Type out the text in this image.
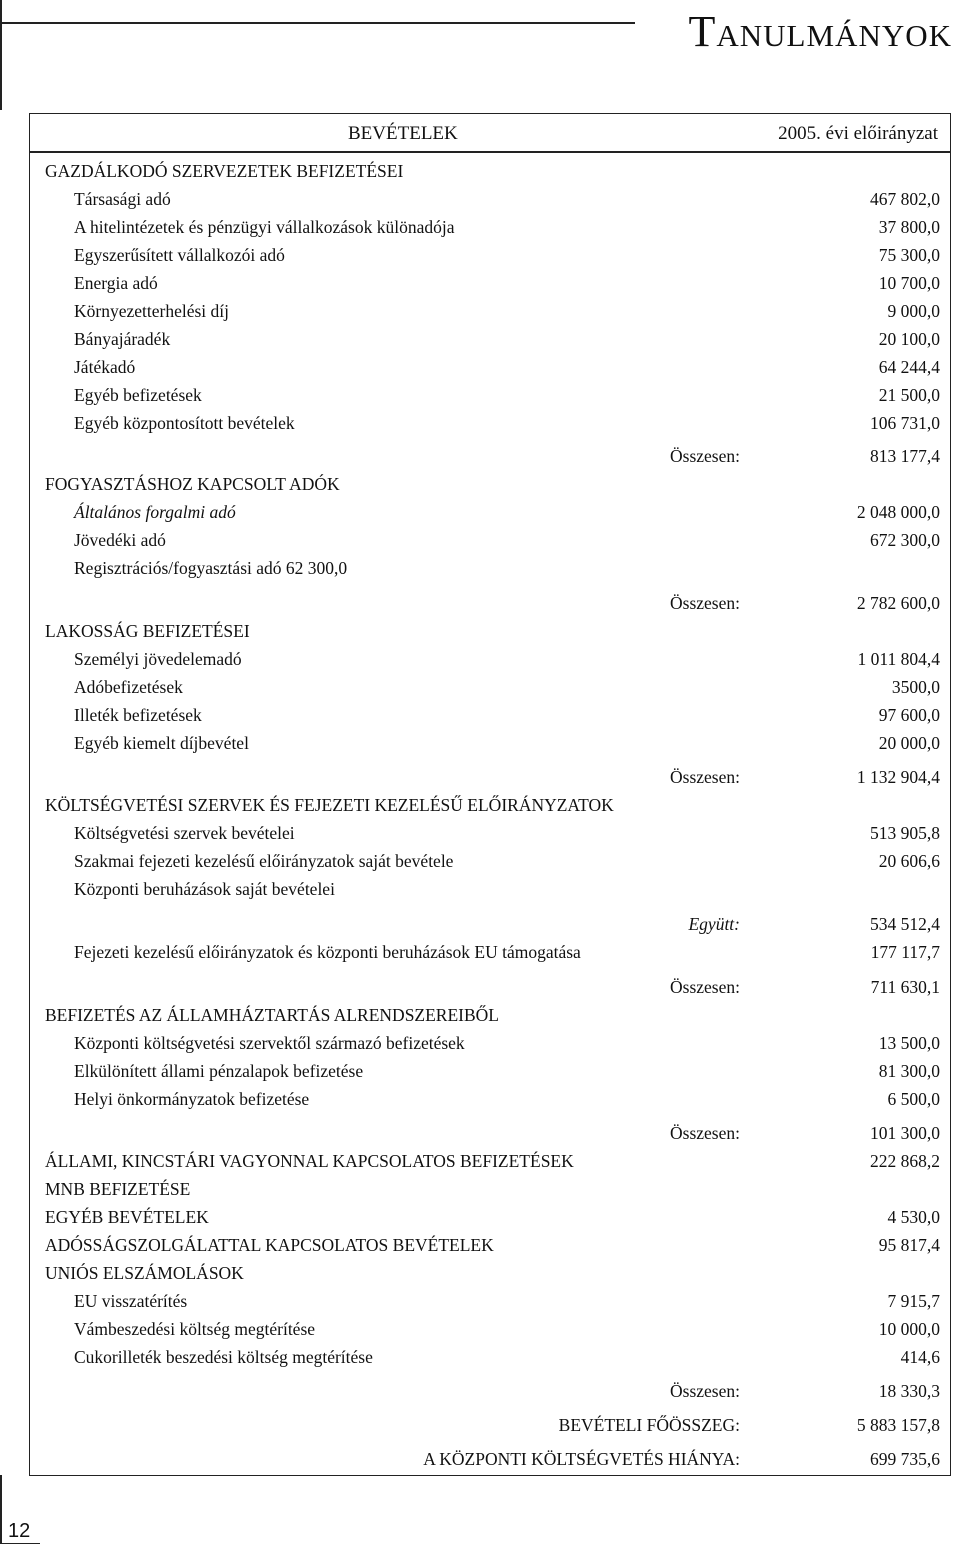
Tanulmányok
12
BEVÉTELEK	2005. évi előirányzat
GAZDÁLKODÓ SZERVEZETEK BEFIZETÉSEI
Társasági adó	467 802,0
A hitelintézetek és pénzügyi vállalkozások különadója	37 800,0
Egyszerűsített vállalkozói adó	75 300,0
Energia adó	10 700,0
Környezetterhelési díj	9 000,0
Bányajáradék	20 100,0
Játékadó	64 244,4
Egyéb befizetések	21 500,0
Egyéb központosított bevételek	106 731,0
Összesen:	813 177,4
FOGYASZTÁSHOZ KAPCSOLT ADÓK
Általános forgalmi adó	2 048 000,0
Jövedéki adó	672 300,0
Regisztrációs/fogyasztási adó 62 300,0
Összesen:	2 782 600,0
LAKOSSÁG BEFIZETÉSEI
Személyi jövedelemadó	1 011 804,4
Adóbefizetések	3500,0
Illeték befizetések	97 600,0
Egyéb kiemelt díjbevétel	20 000,0
Összesen:	1 132 904,4
KÖLTSÉGVETÉSI SZERVEK ÉS FEJEZETI KEZELÉSŰ ELŐIRÁNYZATOK
Költségvetési szervek bevételei	513 905,8
Szakmai fejezeti kezelésű előirányzatok saját bevétele	20 606,6
Központi beruházások saját bevételei
Együtt:	534 512,4
Fejezeti kezelésű előirányzatok és központi beruházások EU támogatása	177 117,7
Összesen:	711 630,1
BEFIZETÉS AZ ÁLLAMHÁZTARTÁS ALRENDSZEREIBŐL
Központi költségvetési szervektől származó befizetések	13 500,0
Elkülönített állami pénzalapok befizetése	81 300,0
Helyi önkormányzatok befizetése	6 500,0
Összesen:	101 300,0
ÁLLAMI, KINCSTÁRI VAGYONNAL KAPCSOLATOS BEFIZETÉSEK	222 868,2
MNB BEFIZETÉSE
EGYÉB BEVÉTELEK	4 530,0
ADÓSSÁGSZOLGÁLATTAL KAPCSOLATOS BEVÉTELEK	95 817,4
UNIÓS ELSZÁMOLÁSOK
EU visszatérítés	7 915,7
Vámbeszedési költség megtérítése	10 000,0
Cukorilleték beszedési költség megtérítése	414,6
Összesen:	18 330,3
BEVÉTELI FŐÖSSZEG:	5 883 157,8
A KÖZPONTI KÖLTSÉGVETÉS HIÁNYA:	699 735,6
